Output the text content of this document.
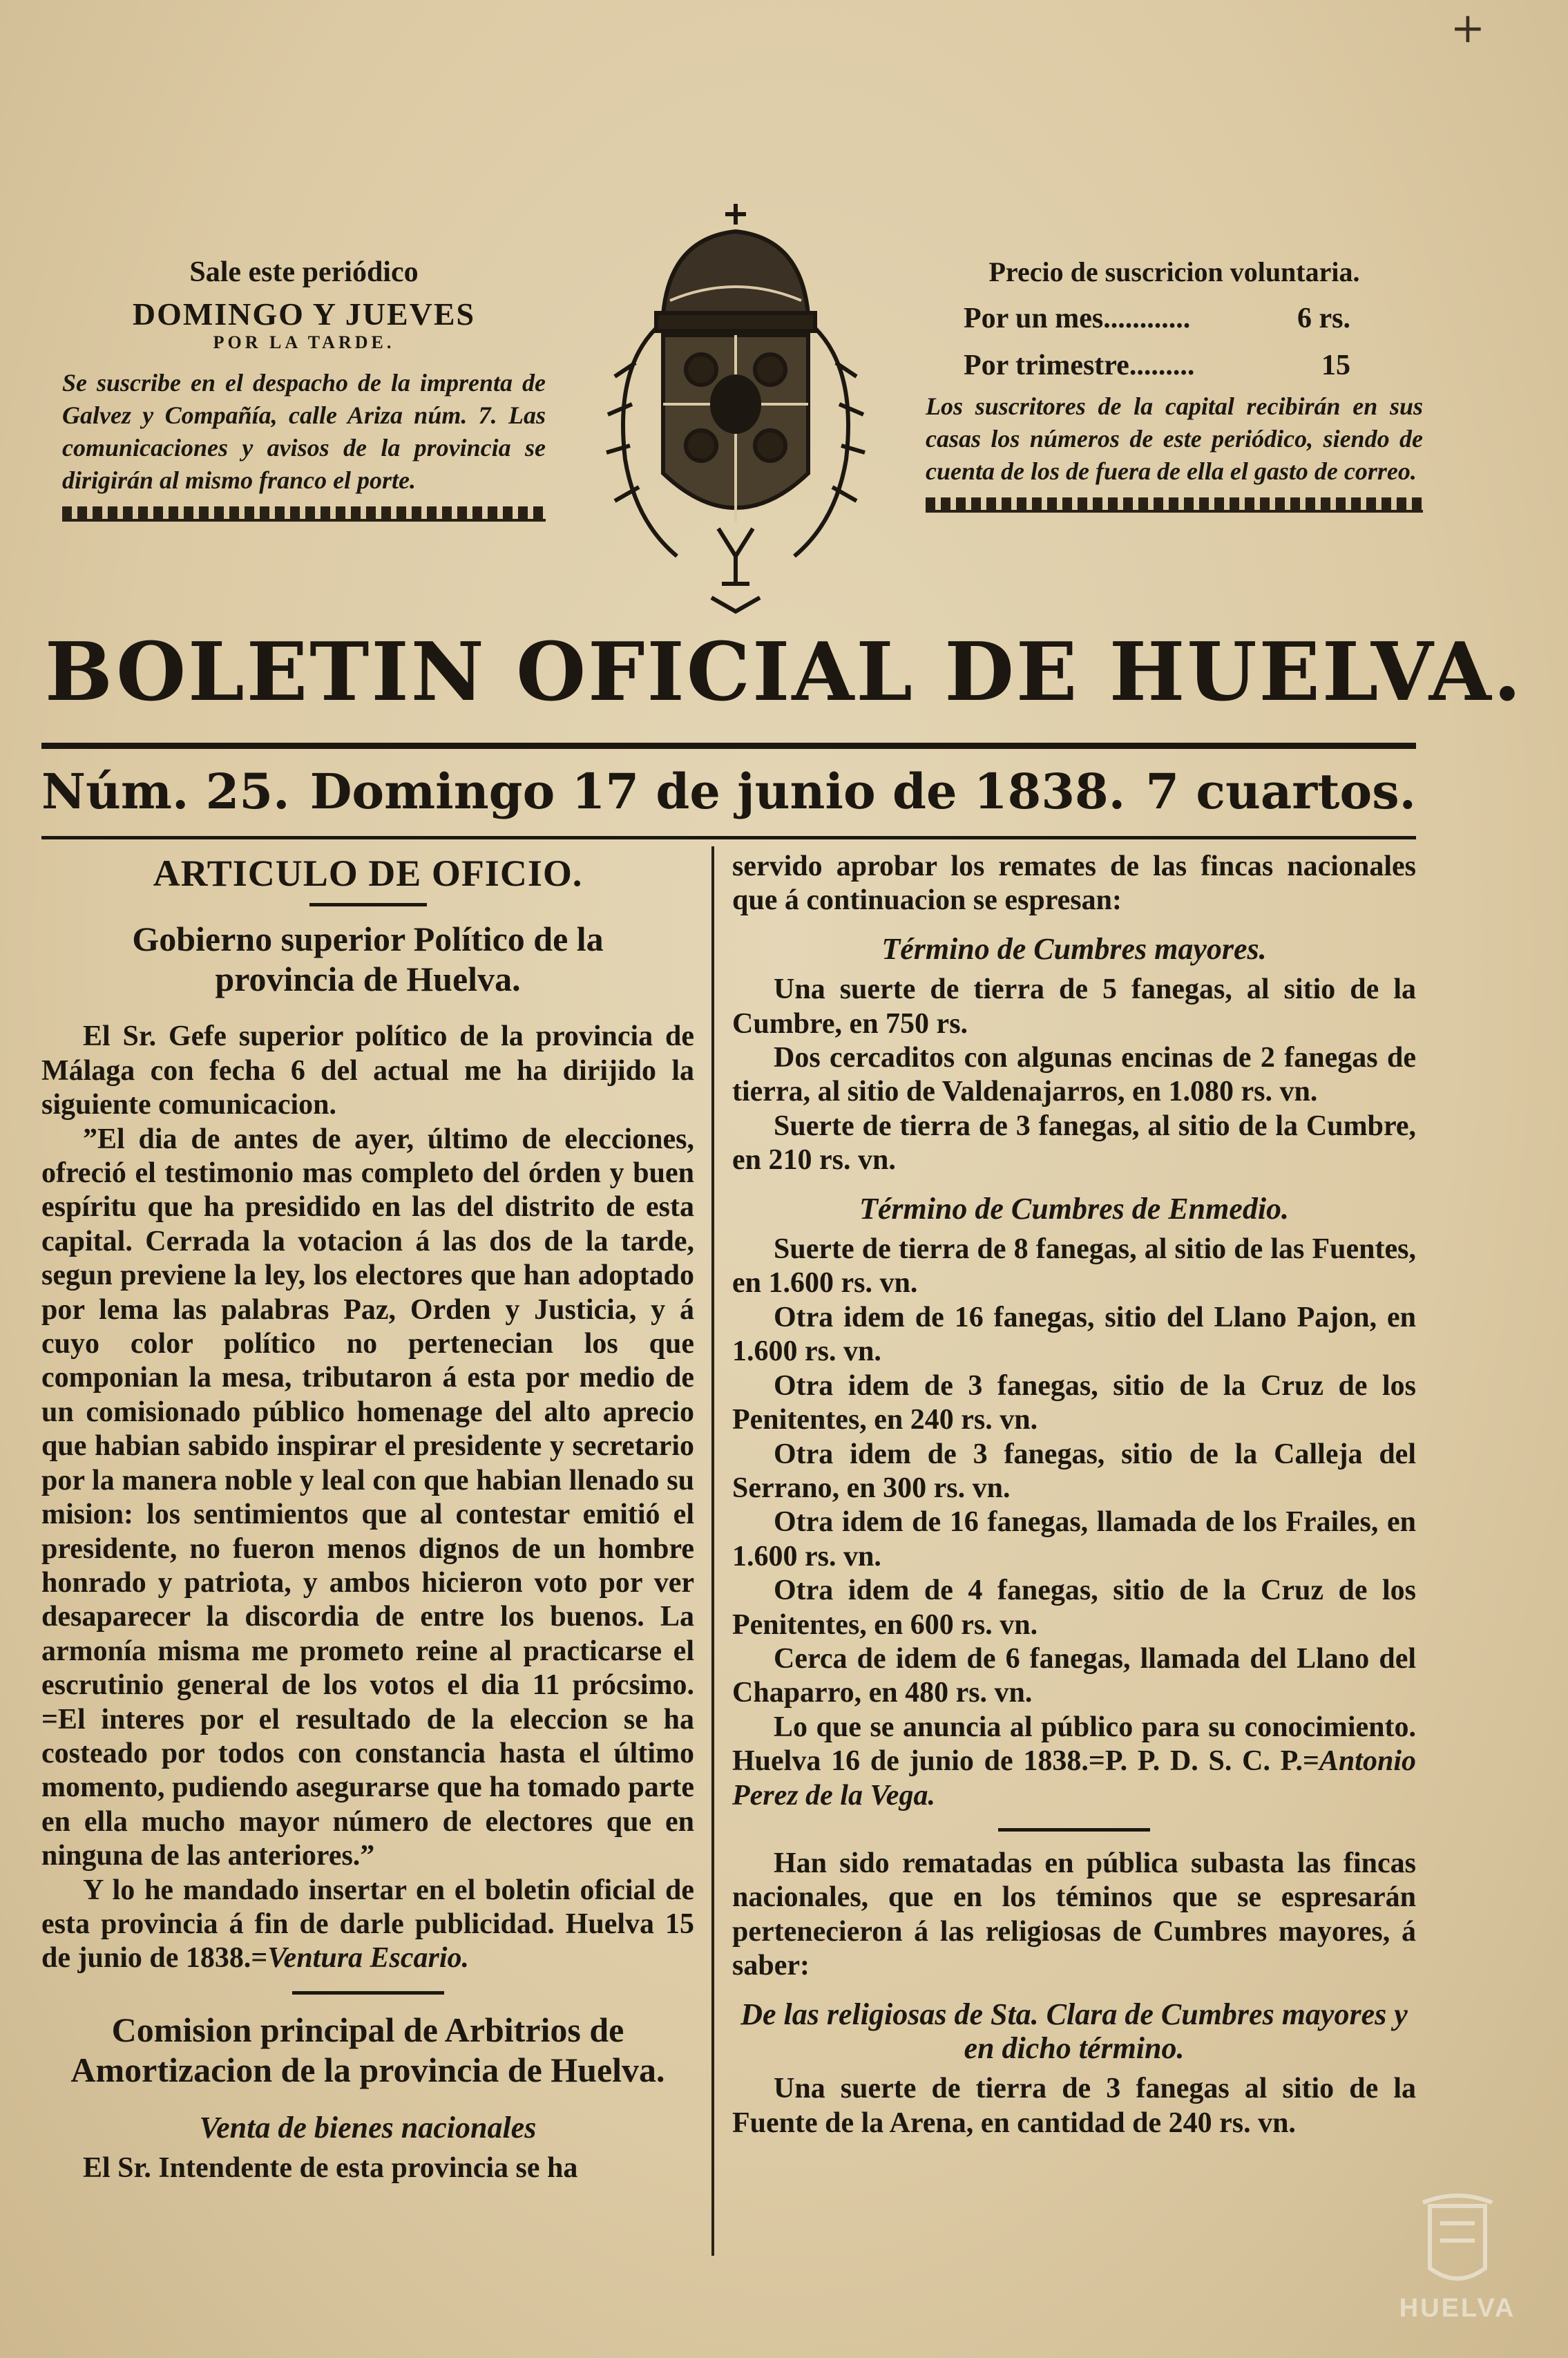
+
Sale este periódico
DOMINGO Y JUEVES
POR LA TARDE.
Se suscribe en el despacho de la imprenta de Galvez y Compañía, calle Ariza núm. 7. Las comunicaciones y avisos de la provincia se dirigirán al mismo franco el porte.
Precio de suscricion voluntaria.
Por un mes ............	6 rs.
Por trimestre .........	15
Los suscritores de la capital recibirán en sus casas los números de este periódico, siendo de cuenta de los de fuera de ella el gasto de correo.
BOLETIN OFICIAL DE HUELVA.
Núm. 25. Domingo 17 de junio de 1838. 7 cuartos.
ARTICULO DE OFICIO.
Gobierno superior Político de la provincia de Huelva.

El Sr. Gefe superior político de la provincia de Málaga con fecha 6 del actual me ha dirijido la siguiente comunicacion.

”El dia de antes de ayer, último de elecciones, ofreció el testimonio mas completo del órden y buen espíritu que ha presidido en las del distrito de esta capital. Cerrada la votacion á las dos de la tarde, segun previene la ley, los electores que han adoptado por lema las palabras Paz, Orden y Justicia, y á cuyo color político no pertenecian los que componian la mesa, tributaron á esta por medio de un comisionado público homenage del alto aprecio que habian sabido inspirar el presidente y secretario por la manera noble y leal con que habian llenado su mision: los sentimientos que al contestar emitió el presidente, no fueron menos dignos de un hombre honrado y patriota, y ambos hicieron voto por ver desaparecer la discordia de entre los buenos. La armonía misma me prometo reine al practicarse el escrutinio general de los votos el dia 11 prócsimo. =El interes por el resultado de la eleccion se ha costeado por todos con constancia hasta el último momento, pudiendo asegurarse que ha tomado parte en ella mucho mayor número de electores que en ninguna de las anteriores.”

Y lo he mandado insertar en el boletin oficial de esta provincia á fin de darle publicidad. Huelva 15 de junio de 1838.=Ventura Escario.

Comision principal de Arbitrios de Amortizacion de la provincia de Huelva.
Venta de bienes nacionales

El Sr. Intendente de esta provincia se ha

servido aprobar los remates de las fincas nacionales que á continuacion se espresan:

Término de Cumbres mayores.

Una suerte de tierra de 5 fanegas, al sitio de la Cumbre, en 750 rs.

Dos cercaditos con algunas encinas de 2 fanegas de tierra, al sitio de Valdenajarros, en 1.080 rs. vn.

Suerte de tierra de 3 fanegas, al sitio de la Cumbre, en 210 rs. vn.

Término de Cumbres de Enmedio.

Suerte de tierra de 8 fanegas, al sitio de las Fuentes, en 1.600 rs. vn.

Otra idem de 16 fanegas, sitio del Llano Pajon, en 1.600 rs. vn.

Otra idem de 3 fanegas, sitio de la Cruz de los Penitentes, en 240 rs. vn.

Otra idem de 3 fanegas, sitio de la Calleja del Serrano, en 300 rs. vn.

Otra idem de 16 fanegas, llamada de los Frailes, en 1.600 rs. vn.

Otra idem de 4 fanegas, sitio de la Cruz de los Penitentes, en 600 rs. vn.

Cerca de idem de 6 fanegas, llamada del Llano del Chaparro, en 480 rs. vn.

Lo que se anuncia al público para su conocimiento. Huelva 16 de junio de 1838.=P. P. D. S. C. P.=Antonio Perez de la Vega.

Han sido rematadas en pública subasta las fincas nacionales, que en los téminos que se espresarán pertenecieron á las religiosas de Cumbres mayores, á saber:

De las religiosas de Sta. Clara de Cumbres mayores y en dicho término.

Una suerte de tierra de 3 fanegas al sitio de la Fuente de la Arena, en cantidad de 240 rs. vn.

HUELVA
